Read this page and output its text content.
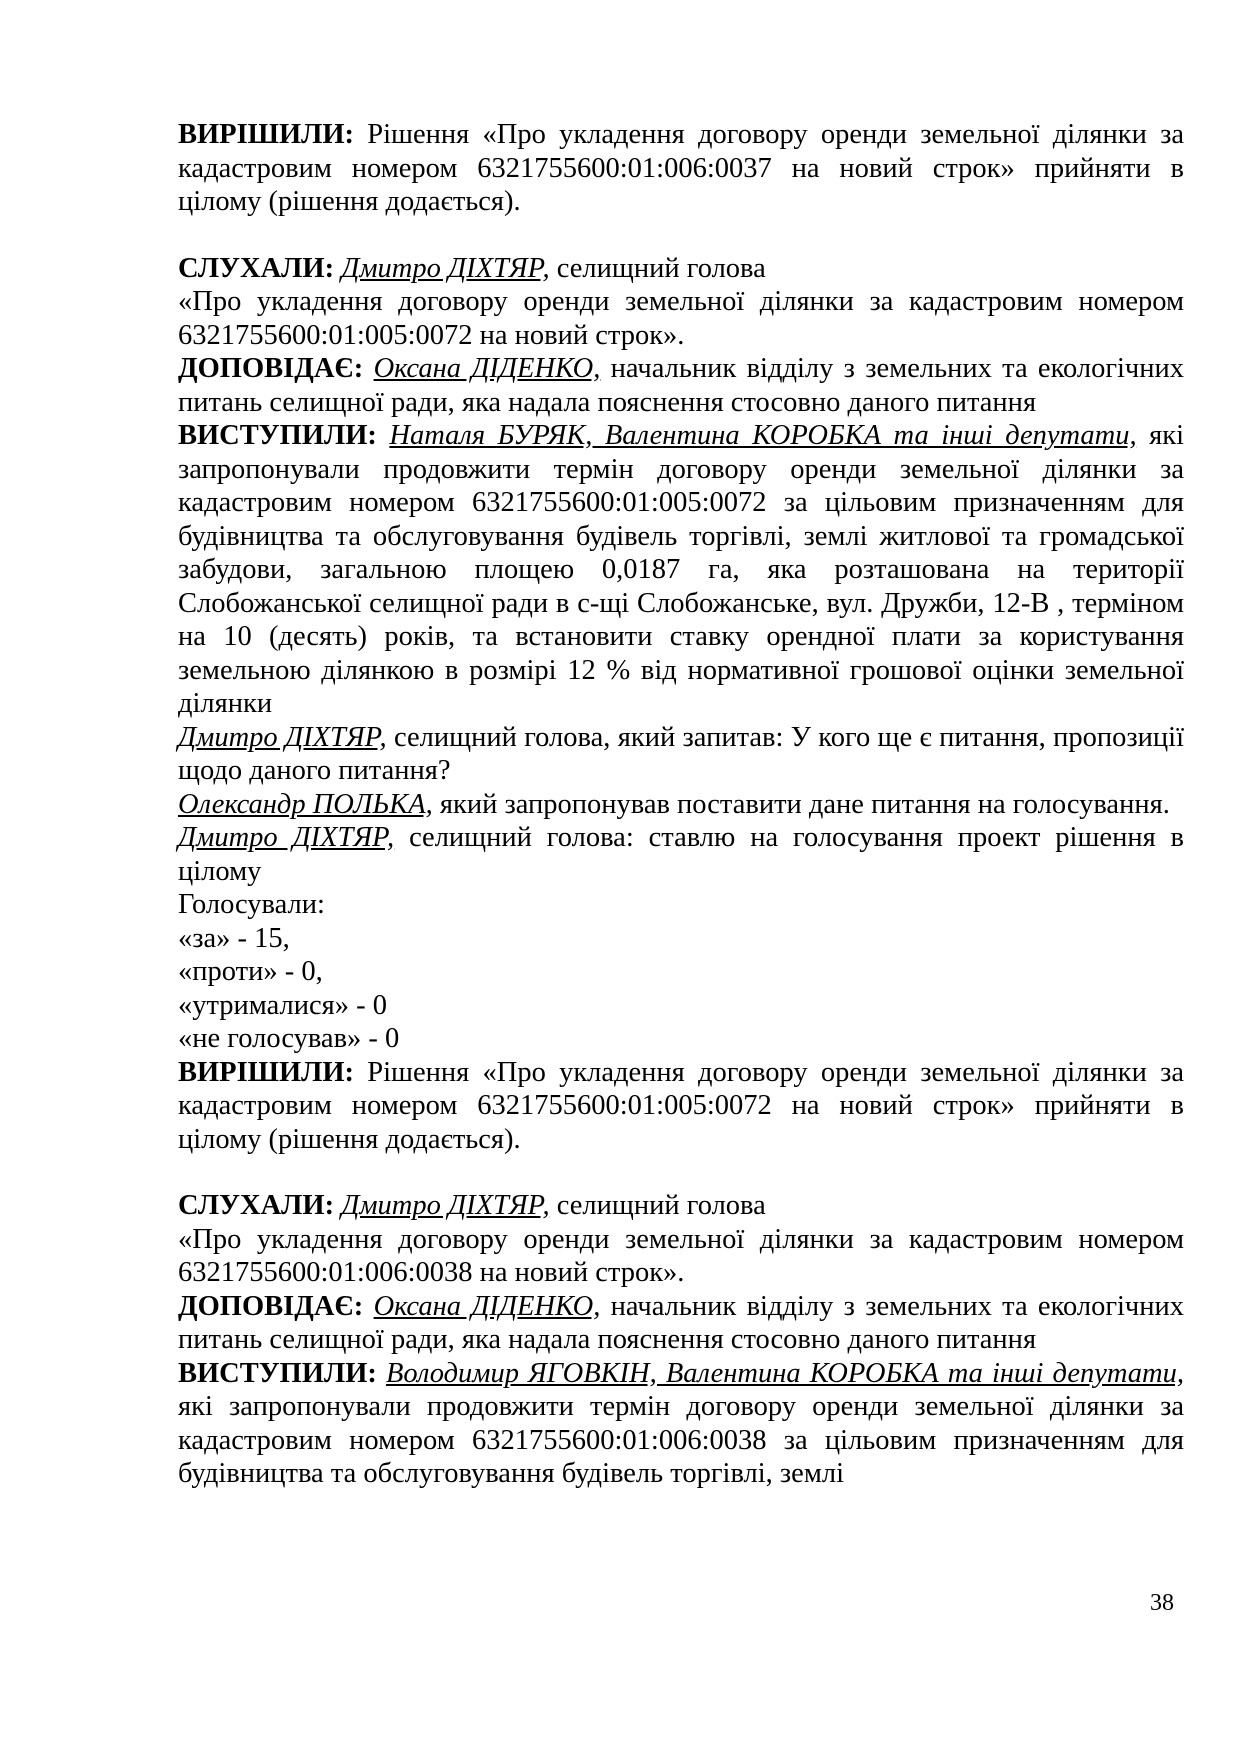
ВИРІШИЛИ: Рішення «Про укладення договору оренди земельної ділянки за кадастровим номером 6321755600:01:006:0037 на новий строк» прийняти в цілому (рішення додається).

СЛУХАЛИ: Дмитро ДІХТЯР, селищний голова

«Про укладення договору оренди земельної ділянки за кадастровим номером 6321755600:01:005:0072 на новий строк».

ДОПОВІДАЄ: Оксана ДІДЕНКО, начальник відділу з земельних та екологічних питань селищної ради, яка надала пояснення стосовно даного питання

ВИСТУПИЛИ: Наталя БУРЯК, Валентина КОРОБКА та інші депутати, які запропонували продовжити термін договору оренди земельної ділянки за кадастровим номером 6321755600:01:005:0072 за цільовим призначенням для будівництва та обслуговування будівель торгівлі, землі житлової та громадської забудови, загальною площею 0,0187 га, яка розташована на території Слобожанської селищної ради в с-щі Слобожанське, вул. Дружби, 12-В , терміном на 10 (десять) років, та встановити ставку орендної плати за користування земельною ділянкою в розмірі 12 % від нормативної грошової оцінки земельної ділянки

Дмитро ДІХТЯР, селищний голова, який запитав: У кого ще є питання, пропозиції щодо даного питання?

Олександр ПОЛЬКА, який запропонував поставити дане питання на голосування.

Дмитро ДІХТЯР, селищний голова: ставлю на голосування проект рішення в цілому

Голосували:

«за» - 15,

«проти» - 0,

«утрималися» - 0

«не голосував» - 0

ВИРІШИЛИ: Рішення «Про укладення договору оренди земельної ділянки за кадастровим номером 6321755600:01:005:0072 на новий строк» прийняти в цілому (рішення додається).

СЛУХАЛИ: Дмитро ДІХТЯР, селищний голова

«Про укладення договору оренди земельної ділянки за кадастровим номером 6321755600:01:006:0038 на новий строк».

ДОПОВІДАЄ: Оксана ДІДЕНКО, начальник відділу з земельних та екологічних питань селищної ради, яка надала пояснення стосовно даного питання

ВИСТУПИЛИ: Володимир ЯГОВКІН, Валентина КОРОБКА та інші депутати, які запропонували продовжити термін договору оренди земельної ділянки за кадастровим номером 6321755600:01:006:0038 за цільовим призначенням для будівництва та обслуговування будівель торгівлі, землі

38
